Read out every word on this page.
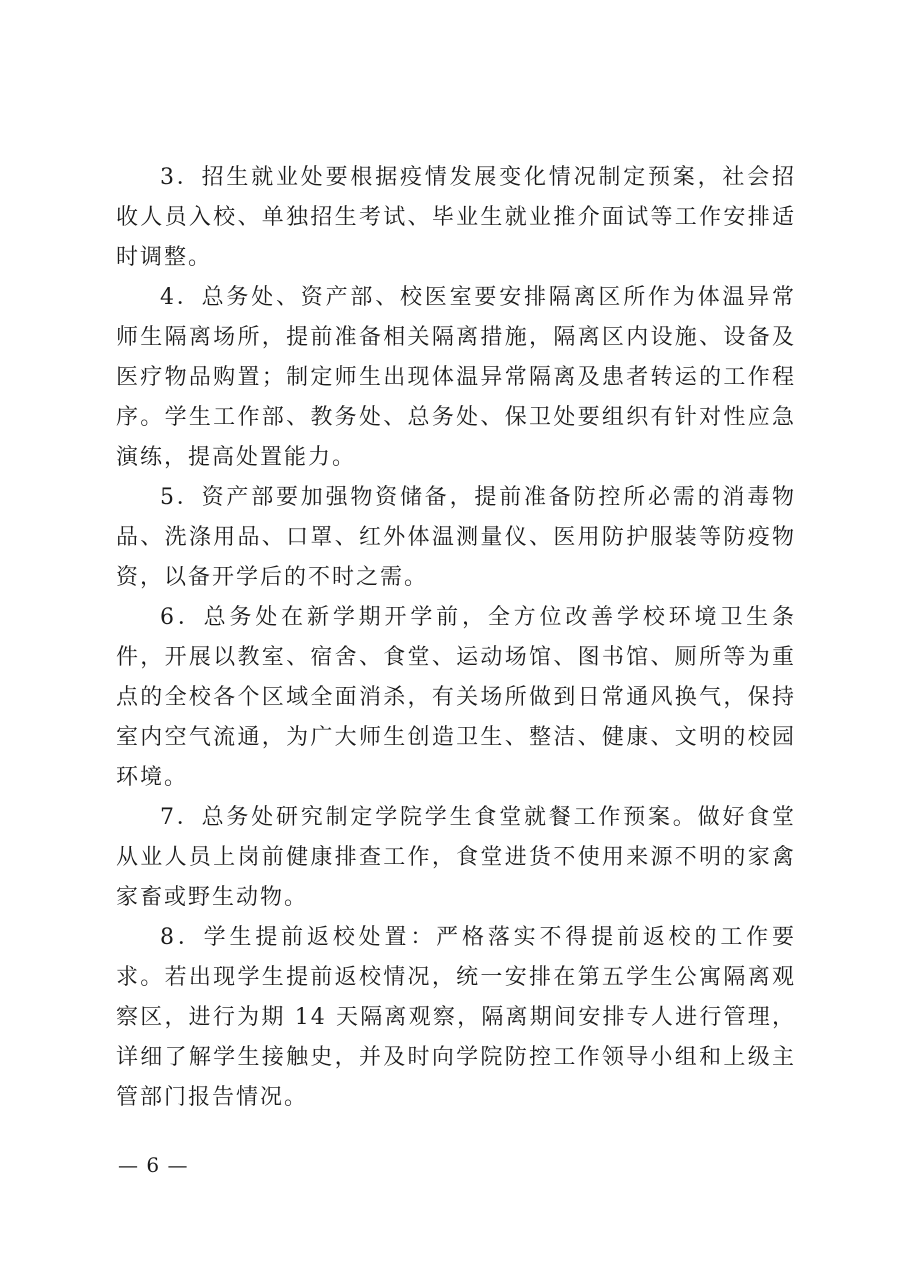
3．招生就业处要根据疫情发展变化情况制定预案，社会招收人员入校、单独招生考试、毕业生就业推介面试等工作安排适时调整。

4．总务处、资产部、校医室要安排隔离区所作为体温异常师生隔离场所，提前准备相关隔离措施，隔离区内设施、设备及医疗物品购置；制定师生出现体温异常隔离及患者转运的工作程序。学生工作部、教务处、总务处、保卫处要组织有针对性应急演练，提高处置能力。

5．资产部要加强物资储备，提前准备防控所必需的消毒物品、洗涤用品、口罩、红外体温测量仪、医用防护服装等防疫物资，以备开学后的不时之需。

6．总务处在新学期开学前，全方位改善学校环境卫生条件，开展以教室、宿舍、食堂、运动场馆、图书馆、厕所等为重点的全校各个区域全面消杀，有关场所做到日常通风换气，保持室内空气流通，为广大师生创造卫生、整洁、健康、文明的校园环境。

7．总务处研究制定学院学生食堂就餐工作预案。做好食堂从业人员上岗前健康排查工作，食堂进货不使用来源不明的家禽家畜或野生动物。

8．学生提前返校处置：严格落实不得提前返校的工作要求。若出现学生提前返校情况，统一安排在第五学生公寓隔离观察区，进行为期 14 天隔离观察，隔离期间安排专人进行管理，详细了解学生接触史，并及时向学院防控工作领导小组和上级主管部门报告情况。

— 6 —
